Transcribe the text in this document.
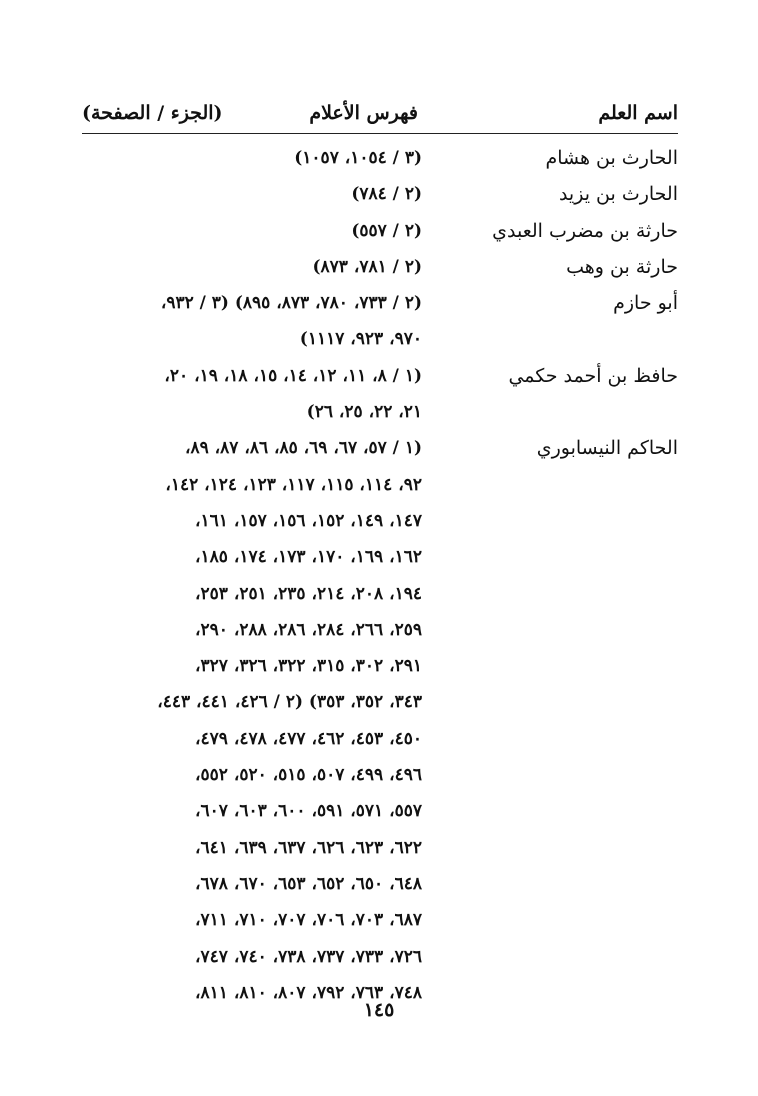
اسم العلم
فهرس الأعلام
(الجزء / الصفحة)
الحارث بن هشام
(٣ / ١٠٥٤، ١٠٥٧)
الحارث بن يزيد
(٢ / ٧٨٤)
حارثة بن مضرب العبدي
(٢ / ٥٥٧)
حارثة بن وهب
(٢ / ٧٨١، ٨٧٣)
أبو حازم
(٢ / ٧٣٣، ٧٨٠، ٨٧٣، ٨٩٥) (٣ / ٩٣٢،
٩٧٠، ٩٢٣، ١١١٧)
حافظ بن أحمد حكمي
(١ / ٨، ١١، ١٢، ١٤، ١٥، ١٨، ١٩، ٢٠،
٢١، ٢٢، ٢٥، ٢٦)
الحاكم النيسابوري
(١ / ٥٧، ٦٧، ٦٩، ٨٥، ٨٦، ٨٧، ٨٩،
٩٢، ١١٤، ١١٥، ١١٧، ١٢٣، ١٢٤، ١٤٢،
١٤٧، ١٤٩، ١٥٢، ١٥٦، ١٥٧، ١٦١،
١٦٢، ١٦٩، ١٧٠، ١٧٣، ١٧٤، ١٨٥،
١٩٤، ٢٠٨، ٢١٤، ٢٣٥، ٢٥١، ٢٥٣،
٢٥٩، ٢٦٦، ٢٨٤، ٢٨٦، ٢٨٨، ٢٩٠،
٢٩١، ٣٠٢، ٣١٥، ٣٢٢، ٣٢٦، ٣٢٧،
٣٤٣، ٣٥٢، ٣٥٣) (٢ / ٤٢٦، ٤٤١، ٤٤٣،
٤٥٠، ٤٥٣، ٤٦٢، ٤٧٧، ٤٧٨، ٤٧٩،
٤٩٦، ٤٩٩، ٥٠٧، ٥١٥، ٥٢٠، ٥٥٢،
٥٥٧، ٥٧١، ٥٩١، ٦٠٠، ٦٠٣، ٦٠٧،
٦٢٢، ٦٢٣، ٦٢٦، ٦٣٧، ٦٣٩، ٦٤١،
٦٤٨، ٦٥٠، ٦٥٢، ٦٥٣، ٦٧٠، ٦٧٨،
٦٨٧، ٧٠٣، ٧٠٦، ٧٠٧، ٧١٠، ٧١١،
٧٢٦، ٧٣٣، ٧٣٧، ٧٣٨، ٧٤٠، ٧٤٧،
٧٤٨، ٧٦٣، ٧٩٢، ٨٠٧، ٨١٠، ٨١١،
١٤٥
